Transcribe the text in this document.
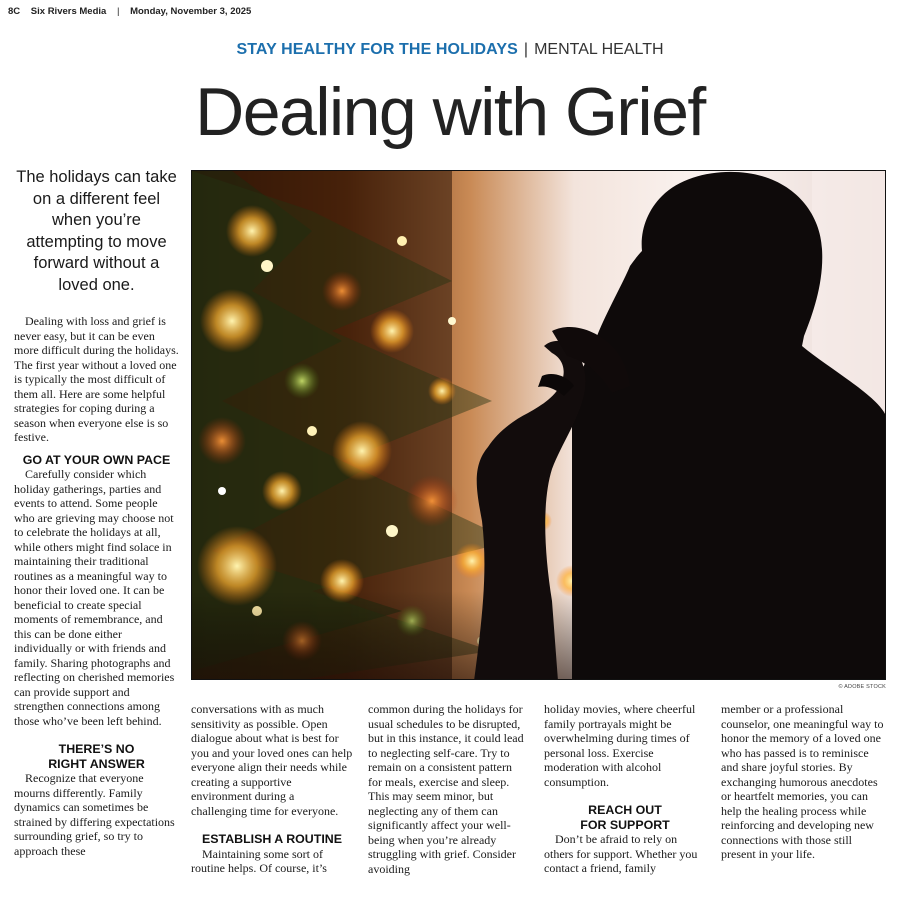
8C Six Rivers Media | Monday, November 3, 2025
STAY HEALTHY FOR THE HOLIDAYS | MENTAL HEALTH
Dealing with Grief
The holidays can take on a different feel when you’re attempting to move forward without a loved one.
© ADOBE STOCK

Dealing with loss and grief is never easy, but it can be even more difficult during the holidays. The first year without a loved one is typically the most difficult of them all. Here are some helpful strategies for coping during a season when everyone else is so festive.

GO AT YOUR OWN PACE

Carefully consider which holiday gatherings, parties and events to attend. Some people who are grieving may choose not to celebrate the holidays at all, while others might find solace in maintaining their traditional routines as a meaningful way to honor their loved one. It can be beneficial to create special moments of remembrance, and this can be done either individually or with friends and family. Sharing photographs and reflecting on cherished memories can provide support and strengthen connections among those who’ve been left behind.

THERE’S NO RIGHT ANSWER

Recognize that everyone mourns differently. Family dynamics can sometimes be strained by differing expectations surrounding grief, so try to approach these

conversations with as much sensitivity as possible. Open dialogue about what is best for you and your loved ones can help everyone align their needs while creating a supportive environment during a challenging time for everyone.

ESTABLISH A ROUTINE

Maintaining some sort of routine helps. Of course, it’s

common during the holidays for usual schedules to be disrupted, but in this instance, it could lead to neglecting self-care. Try to remain on a consistent pattern for meals, exercise and sleep. This may seem minor, but neglecting any of them can significantly affect your well-being when you’re already struggling with grief. Consider avoiding

holiday movies, where cheerful family portrayals might be overwhelming during times of personal loss. Exercise moderation with alcohol consumption.

REACH OUT FOR SUPPORT

Don’t be afraid to rely on others for support. Whether you contact a friend, family

member or a professional counselor, one meaningful way to honor the memory of a loved one who has passed is to reminisce and share joyful stories. By exchanging humorous anecdotes or heartfelt memories, you can help the healing process while reinforcing and developing new connections with those still present in your life.
